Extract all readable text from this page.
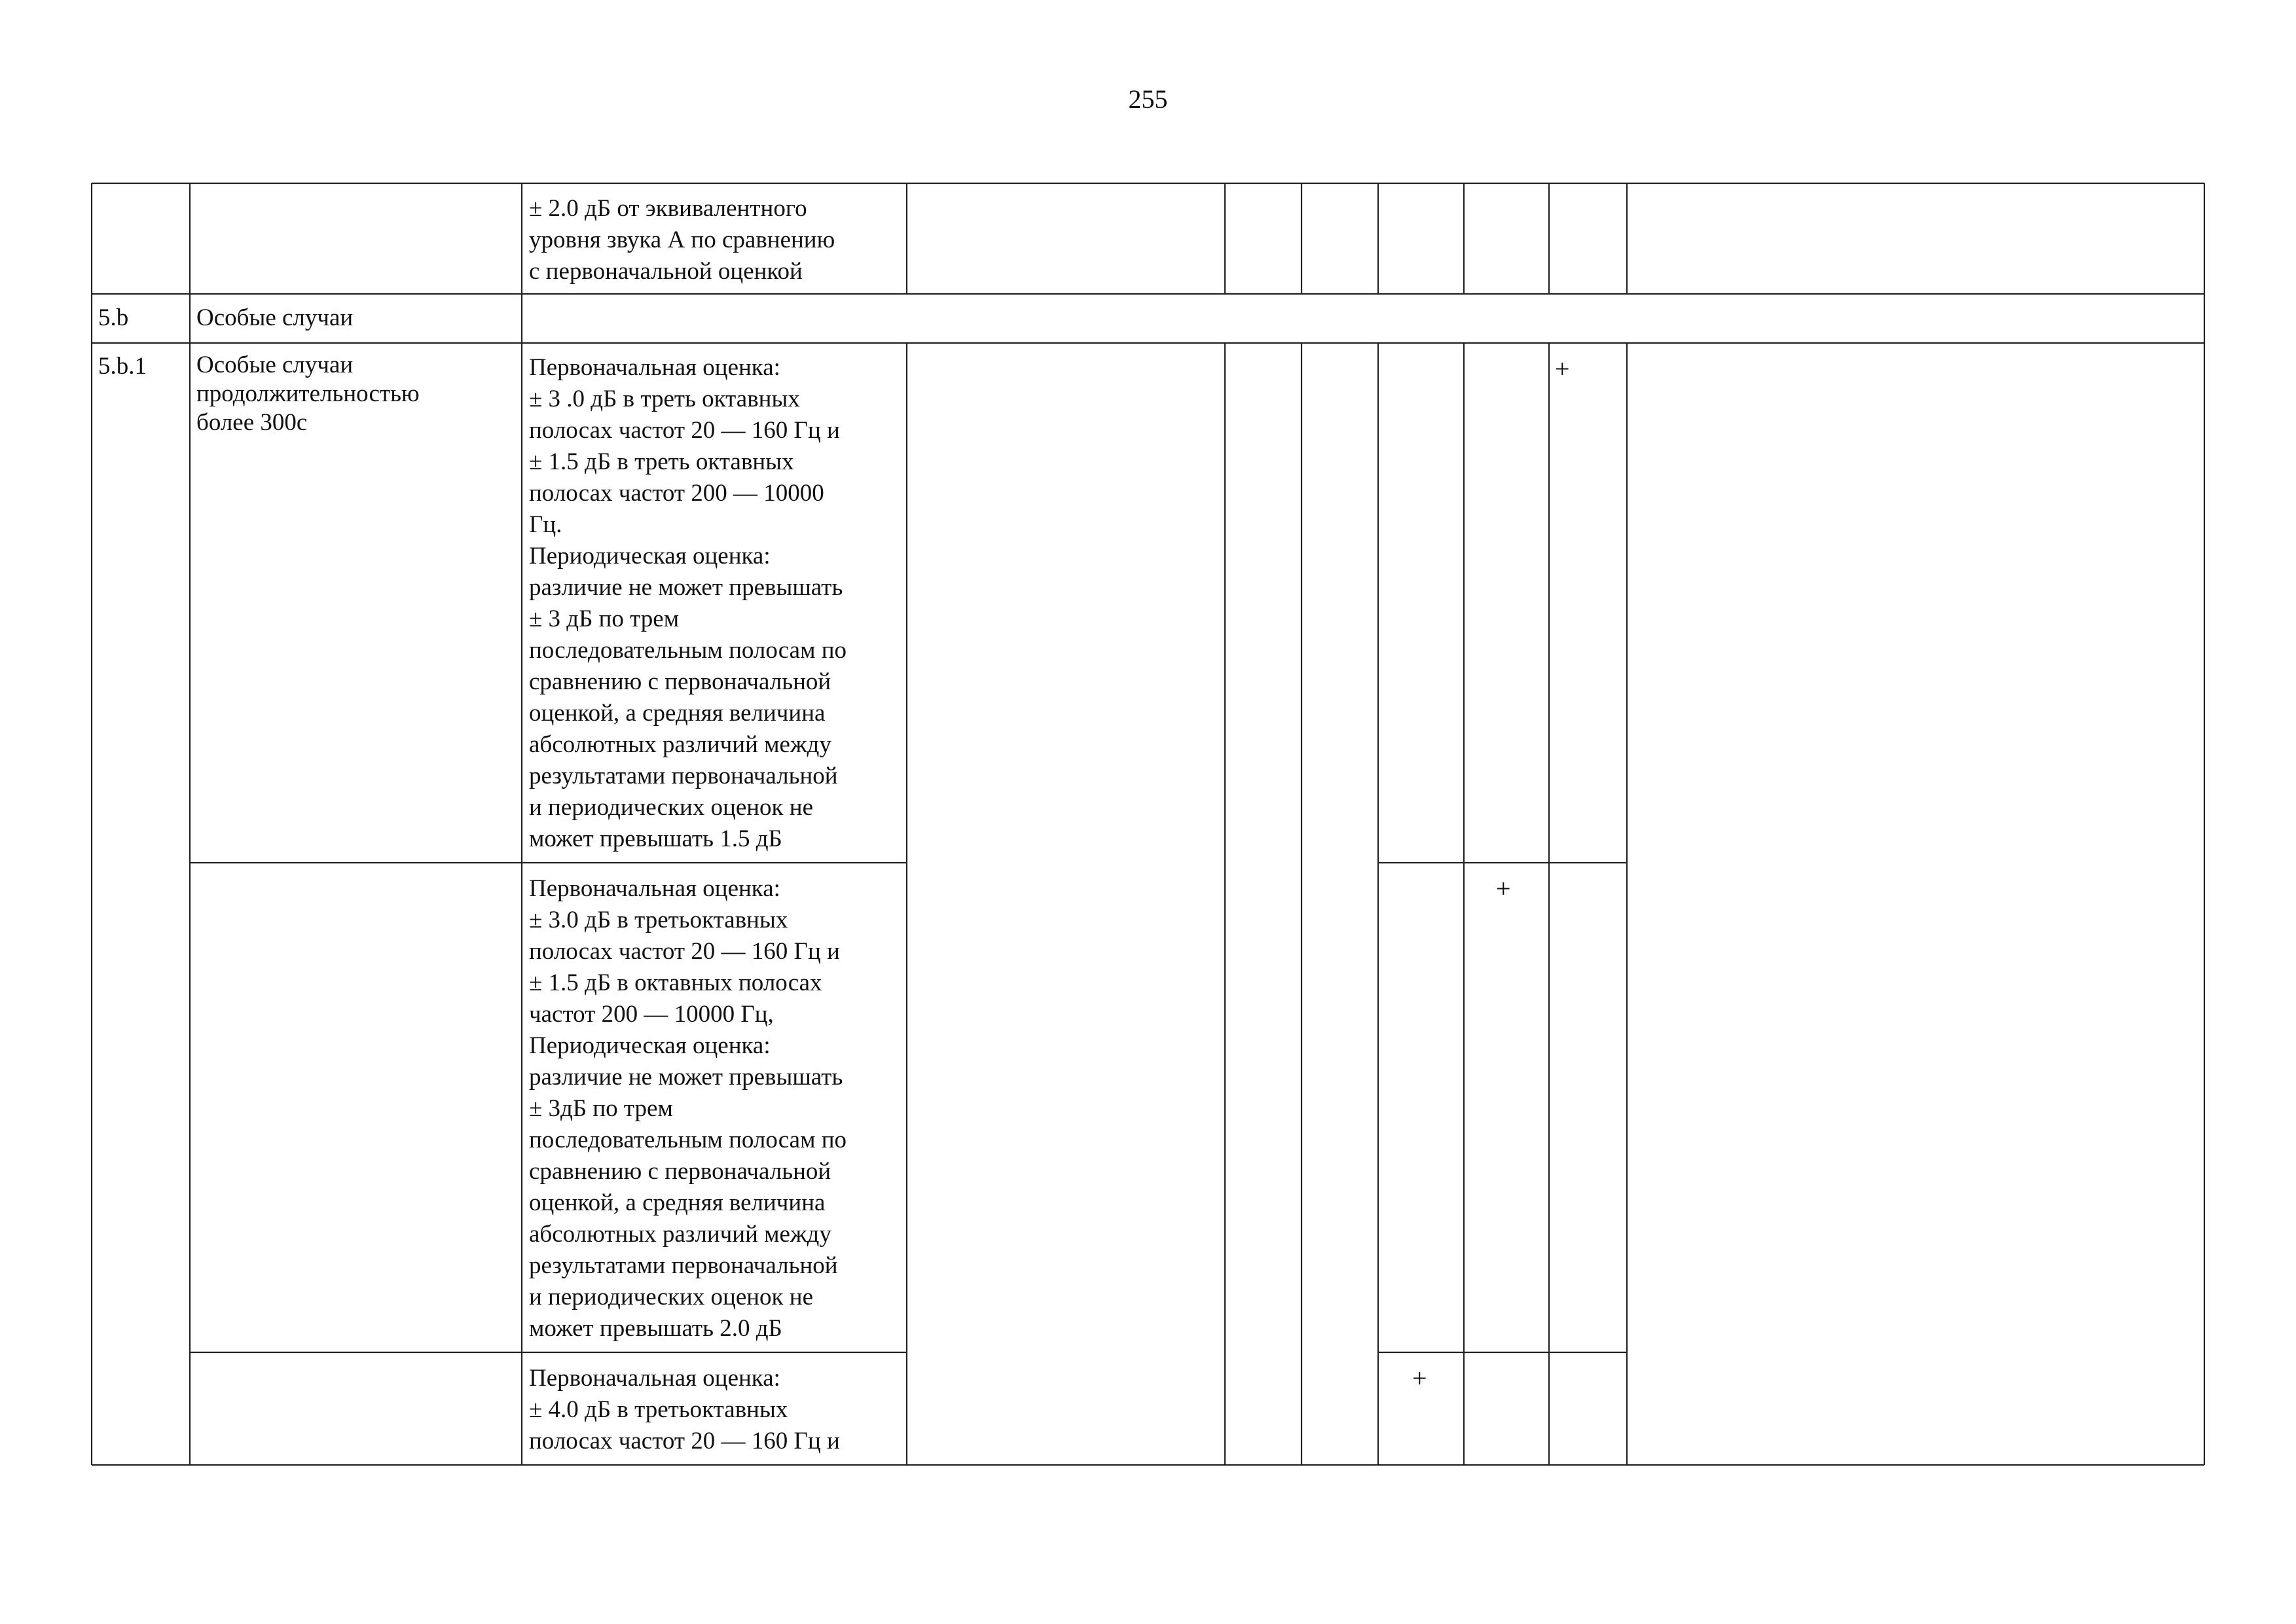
255
± 2.0 дБ от эквивалентного
уровня звука А по сравнению
с первоначальной оценкой
5.b	Особые случаи
5.b.1	Особые случаи
продолжительностью
более 300с
Первоначальная оценка:
± 3 .0 дБ в треть октавных
полосах частот 20 — 160 Гц и
± 1.5 дБ в треть октавных
полосах частот 200 — 10000
Гц.
Периодическая оценка:
различие не может превышать
± 3 дБ по трем
последовательным полосам по
сравнению с первоначальной
оценкой, а средняя величина
абсолютных различий между
результатами первоначальной
и периодических оценок не
может превышать 1.5 дБ
+
Первоначальная оценка:
± 3.0 дБ в третьоктавных
полосах частот 20 — 160 Гц и
± 1.5 дБ в октавных полосах
частот 200 — 10000 Гц,
Периодическая оценка:
различие не может превышать
± 3дБ по трем
последовательным полосам по
сравнению с первоначальной
оценкой, а средняя величина
абсолютных различий между
результатами первоначальной
и периодических оценок не
может превышать 2.0 дБ
+
Первоначальная оценка:
± 4.0 дБ в третьоктавных
полосах частот 20 — 160 Гц и
+
